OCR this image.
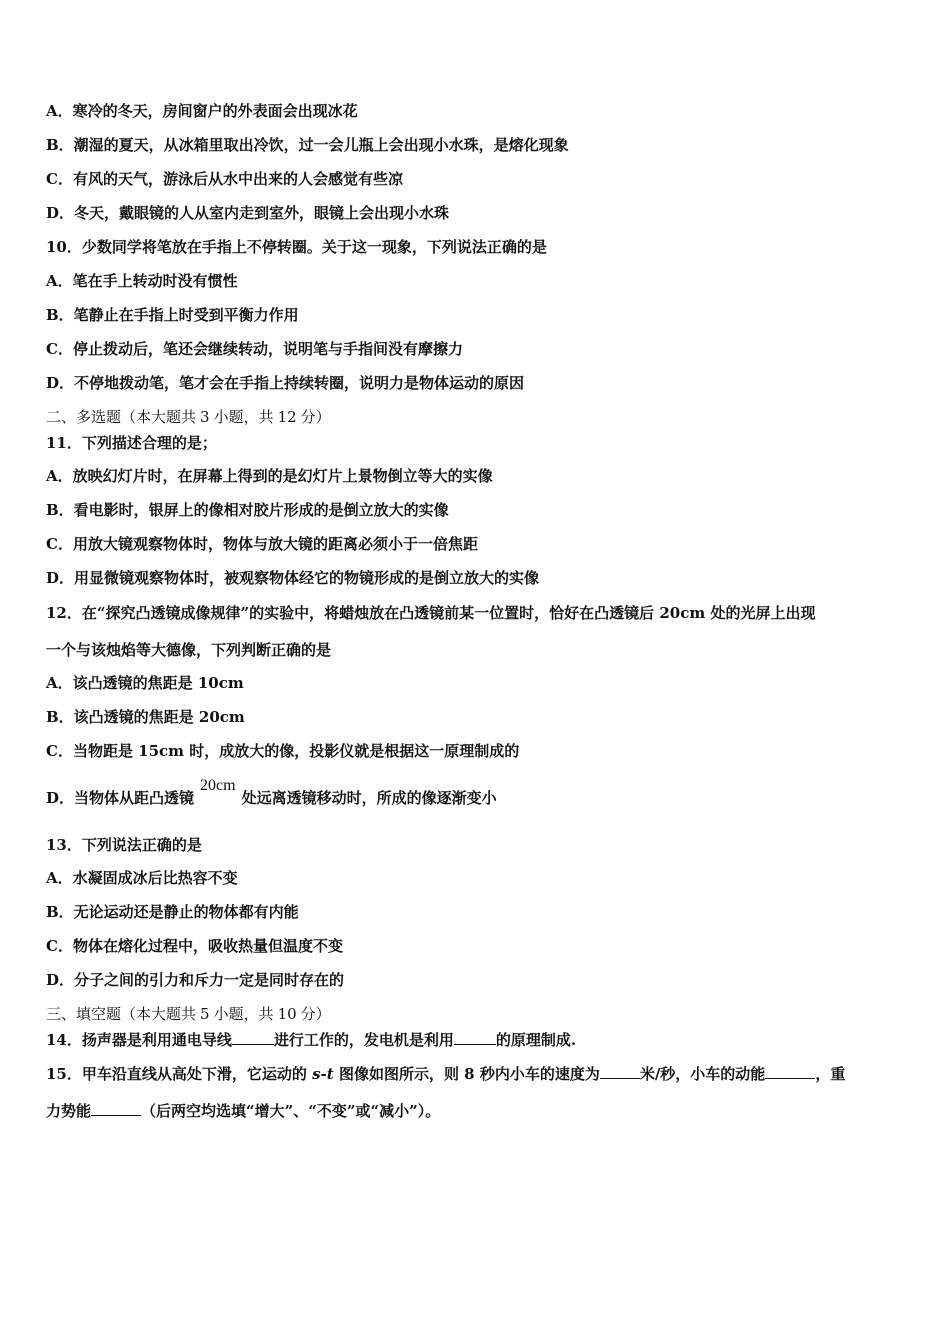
A．寒冷的冬天，房间窗户的外表面会出现冰花
B．潮湿的夏天，从冰箱里取出冷饮，过一会儿瓶上会出现小水珠，是熔化现象
C．有风的天气，游泳后从水中出来的人会感觉有些凉
D．冬天，戴眼镜的人从室内走到室外，眼镜上会出现小水珠
10．少数同学将笔放在手指上不停转圈。关于这一现象，下列说法正确的是
A．笔在手上转动时没有惯性
B．笔静止在手指上时受到平衡力作用
C．停止拨动后，笔还会继续转动，说明笔与手指间没有摩擦力
D．不停地拨动笔，笔才会在手指上持续转圈，说明力是物体运动的原因
二、多选题（本大题共 3 小题，共 12 分）
11．下列描述合理的是；
A．放映幻灯片时，在屏幕上得到的是幻灯片上景物倒立等大的实像
B．看电影时，银屏上的像相对胶片形成的是倒立放大的实像
C．用放大镜观察物体时，物体与放大镜的距离必须小于一倍焦距
D．用显微镜观察物体时，被观察物体经它的物镜形成的是倒立放大的实像
12．在“探究凸透镜成像规律”的实验中，将蜡烛放在凸透镜前某一位置时，恰好在凸透镜后 20cm 处的光屏上出现
一个与该烛焰等大德像，下列判断正确的是
A．该凸透镜的焦距是 10cm
B．该凸透镜的焦距是 20cm
C．当物距是 15cm 时，成放大的像，投影仪就是根据这一原理制成的
D．当物体从距凸透镜20cm处远离透镜移动时，所成的像逐渐变小
13．下列说法正确的是
A．水凝固成冰后比热容不变
B．无论运动还是静止的物体都有内能
C．物体在熔化过程中，吸收热量但温度不变
D．分子之间的引力和斥力一定是同时存在的
三、填空题（本大题共 5 小题，共 10 分）
14．扬声器是利用通电导线	进行工作的，发电机是利用	的原理制成.
15．甲车沿直线从高处下滑，它运动的 s-t 图像如图所示，则 8 秒内小车的速度为	米/秒，小车的动能	，重
力势能	（后两空均选填“增大”、“不变”或“减小”）。
